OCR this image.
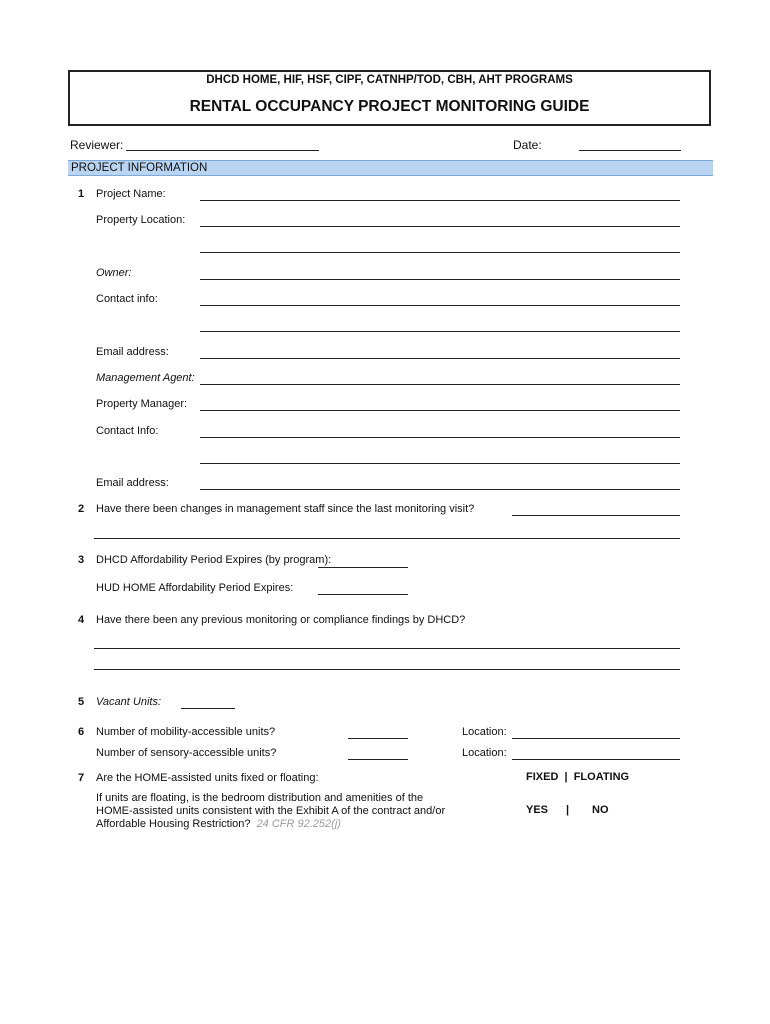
DHCD HOME, HIF, HSF, CIPF, CATNHP/TOD, CBH, AHT PROGRAMS
RENTAL OCCUPANCY PROJECT MONITORING GUIDE
Reviewer:	Date:
PROJECT INFORMATION
1 Project Name:
Property Location:
Owner:
Contact info:
Email address:
Management Agent:
Property Manager:
Contact Info:
Email address:
2 Have there been changes in management staff since the last monitoring visit?
3 DHCD Affordability Period Expires (by program):
HUD HOME Affordability Period Expires:
4 Have there been any previous monitoring or compliance findings by DHCD?
5 Vacant Units:
6 Number of mobility-accessible units?	Location:
Number of sensory-accessible units?	Location:
7 Are the HOME-assisted units fixed or floating:	FIXED  |  FLOATING
If units are floating, is the bedroom distribution and amenities of the
HOME-assisted units consistent with the Exhibit A of the contract and/or
Affordable Housing Restriction? 24 CFR 92.252(j)
YES | NO
